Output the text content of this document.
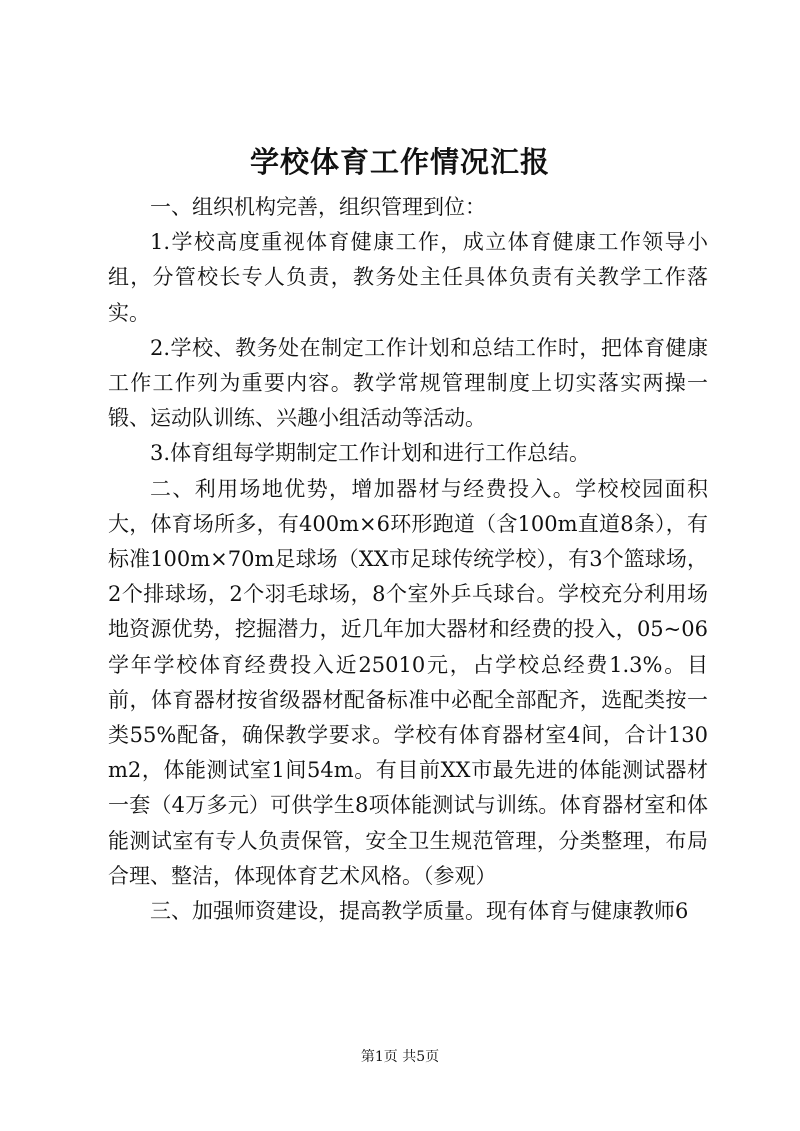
学校体育工作情况汇报

一、组织机构完善，组织管理到位：

1.学校高度重视体育健康工作，成立体育健康工作领导小组，分管校长专人负责，教务处主任具体负责有关教学工作落实。

2.学校、教务处在制定工作计划和总结工作时，把体育健康工作工作列为重要内容。教学常规管理制度上切实落实两操一锻、运动队训练、兴趣小组活动等活动。

3.体育组每学期制定工作计划和进行工作总结。

二、利用场地优势，增加器材与经费投入。学校校园面积大，体育场所多，有400m×6环形跑道（含100m直道8条），有标准100m×70m足球场（XX市足球传统学校），有3个篮球场，2个排球场，2个羽毛球场，8个室外乒乓球台。学校充分利用场地资源优势，挖掘潜力，近几年加大器材和经费的投入，05~06学年学校体育经费投入近25010元，占学校总经费1.3%。目前，体育器材按省级器材配备标准中必配全部配齐，选配类按一类55%配备，确保教学要求。学校有体育器材室4间，合计130m2，体能测试室1间54m。有目前XX市最先进的体能测试器材一套（4万多元）可供学生8项体能测试与训练。体育器材室和体能测试室有专人负责保管，安全卫生规范管理，分类整理，布局合理、整洁，体现体育艺术风格。（参观）

三、加强师资建设，提高教学质量。现有体育与健康教师6

第1页 共5页
